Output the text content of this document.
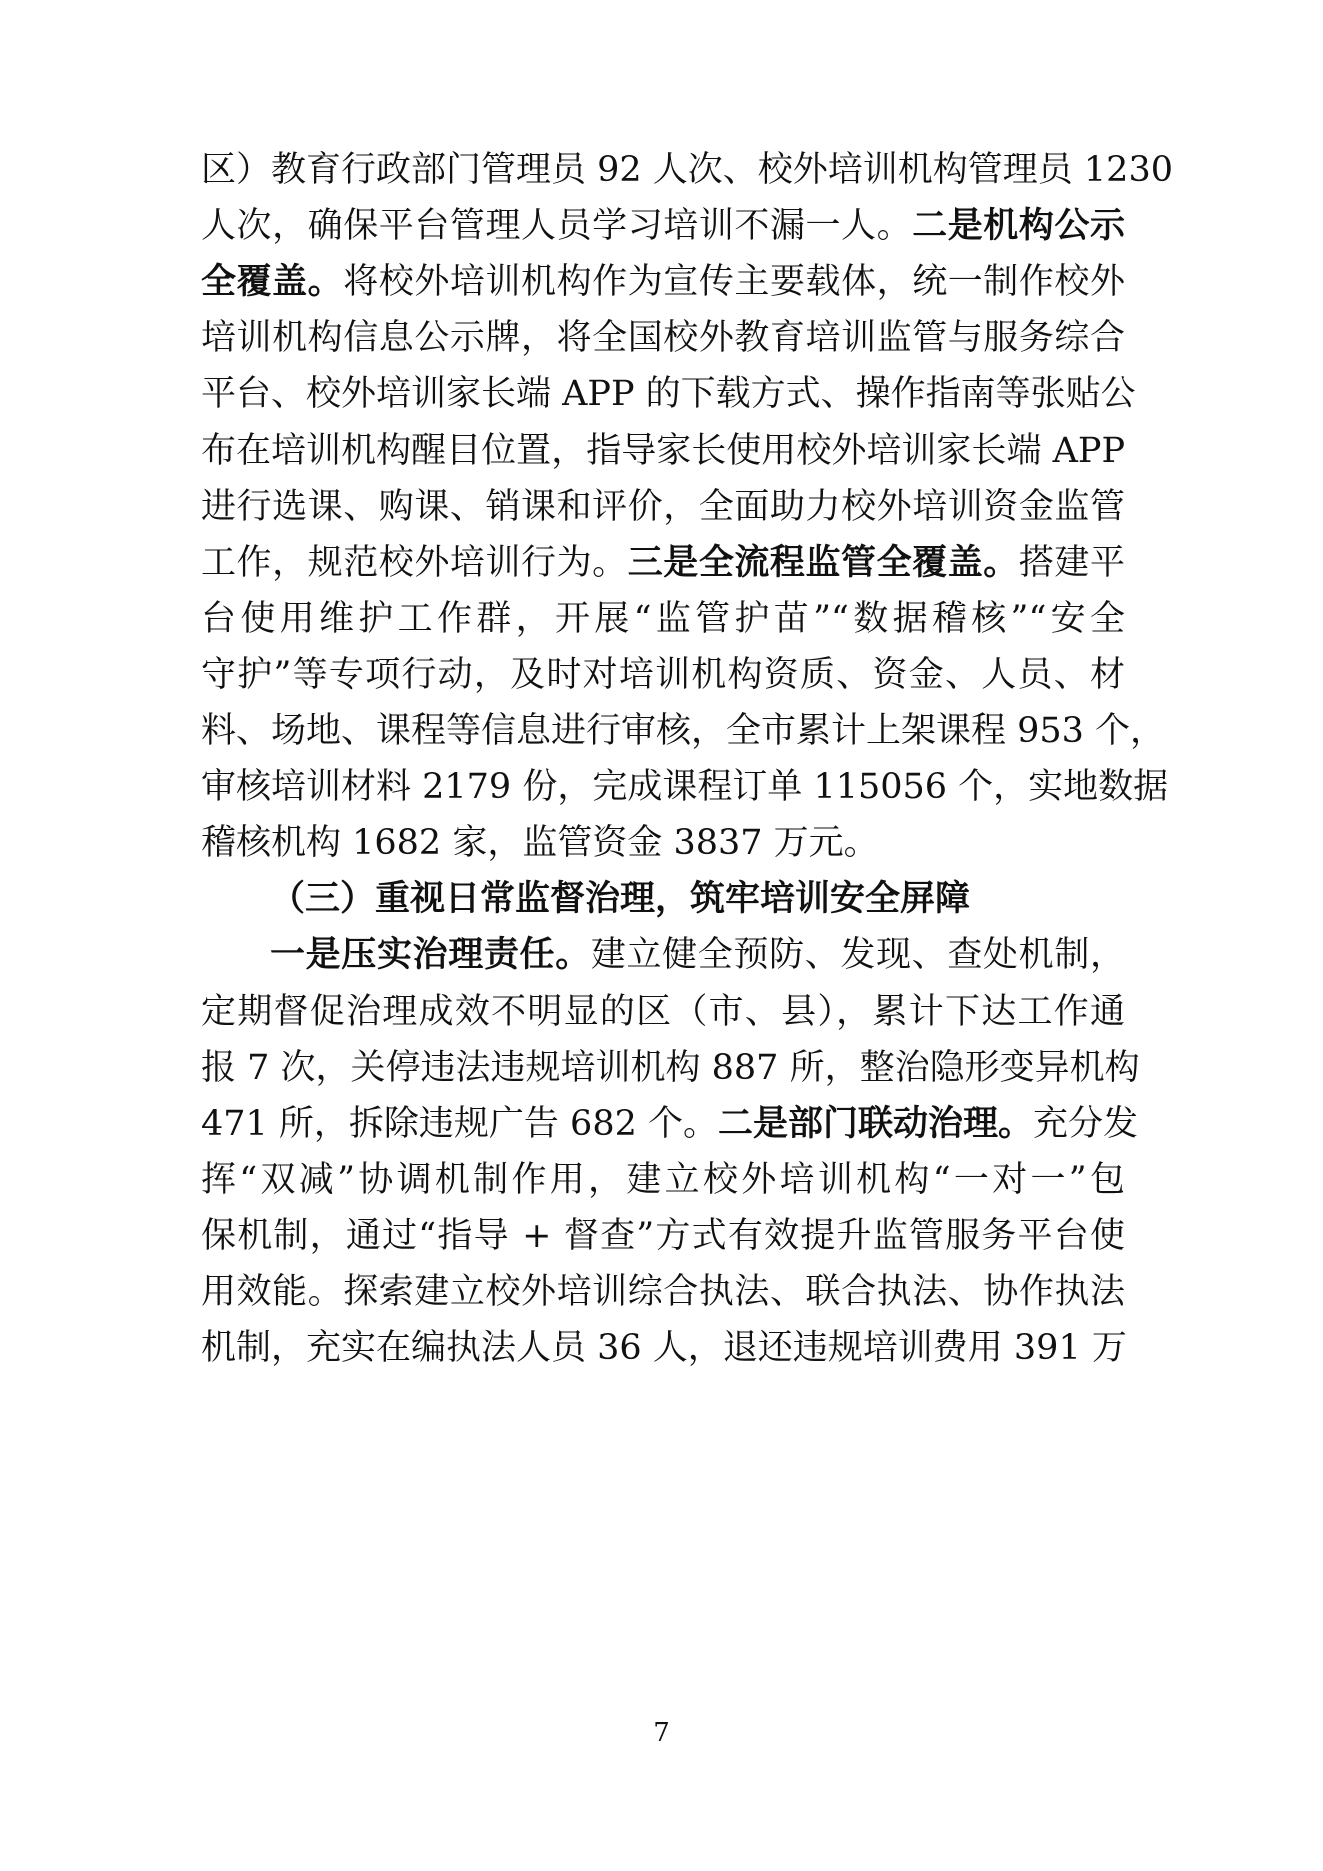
区）教育行政部门管理员 92 人次、校外培训机构管理员 1230
人次，确保平台管理人员学习培训不漏一人。二是机构公示
全覆盖。将校外培训机构作为宣传主要载体，统一制作校外
培训机构信息公示牌，将全国校外教育培训监管与服务综合
平台、校外培训家长端 APP 的下载方式、操作指南等张贴公
布在培训机构醒目位置，指导家长使用校外培训家长端 APP
进行选课、购课、销课和评价，全面助力校外培训资金监管
工作，规范校外培训行为。三是全流程监管全覆盖。搭建平
台使用维护工作群，开展“监管护苗”“数据稽核”“安全
守护”等专项行动，及时对培训机构资质、资金、人员、材
料、场地、课程等信息进行审核，全市累计上架课程 953 个，
审核培训材料 2179 份，完成课程订单 115056 个，实地数据
稽核机构 1682 家，监管资金 3837 万元。
（三）重视日常监督治理，筑牢培训安全屏障
一是压实治理责任。建立健全预防、发现、查处机制，
定期督促治理成效不明显的区（市、县），累计下达工作通
报 7 次，关停违法违规培训机构 887 所，整治隐形变异机构
471 所，拆除违规广告 682 个。二是部门联动治理。充分发
挥“双减”协调机制作用，建立校外培训机构“一对一”包
保机制，通过“指导 + 督查”方式有效提升监管服务平台使
用效能。探索建立校外培训综合执法、联合执法、协作执法
机制，充实在编执法人员 36 人，退还违规培训费用 391 万
7
